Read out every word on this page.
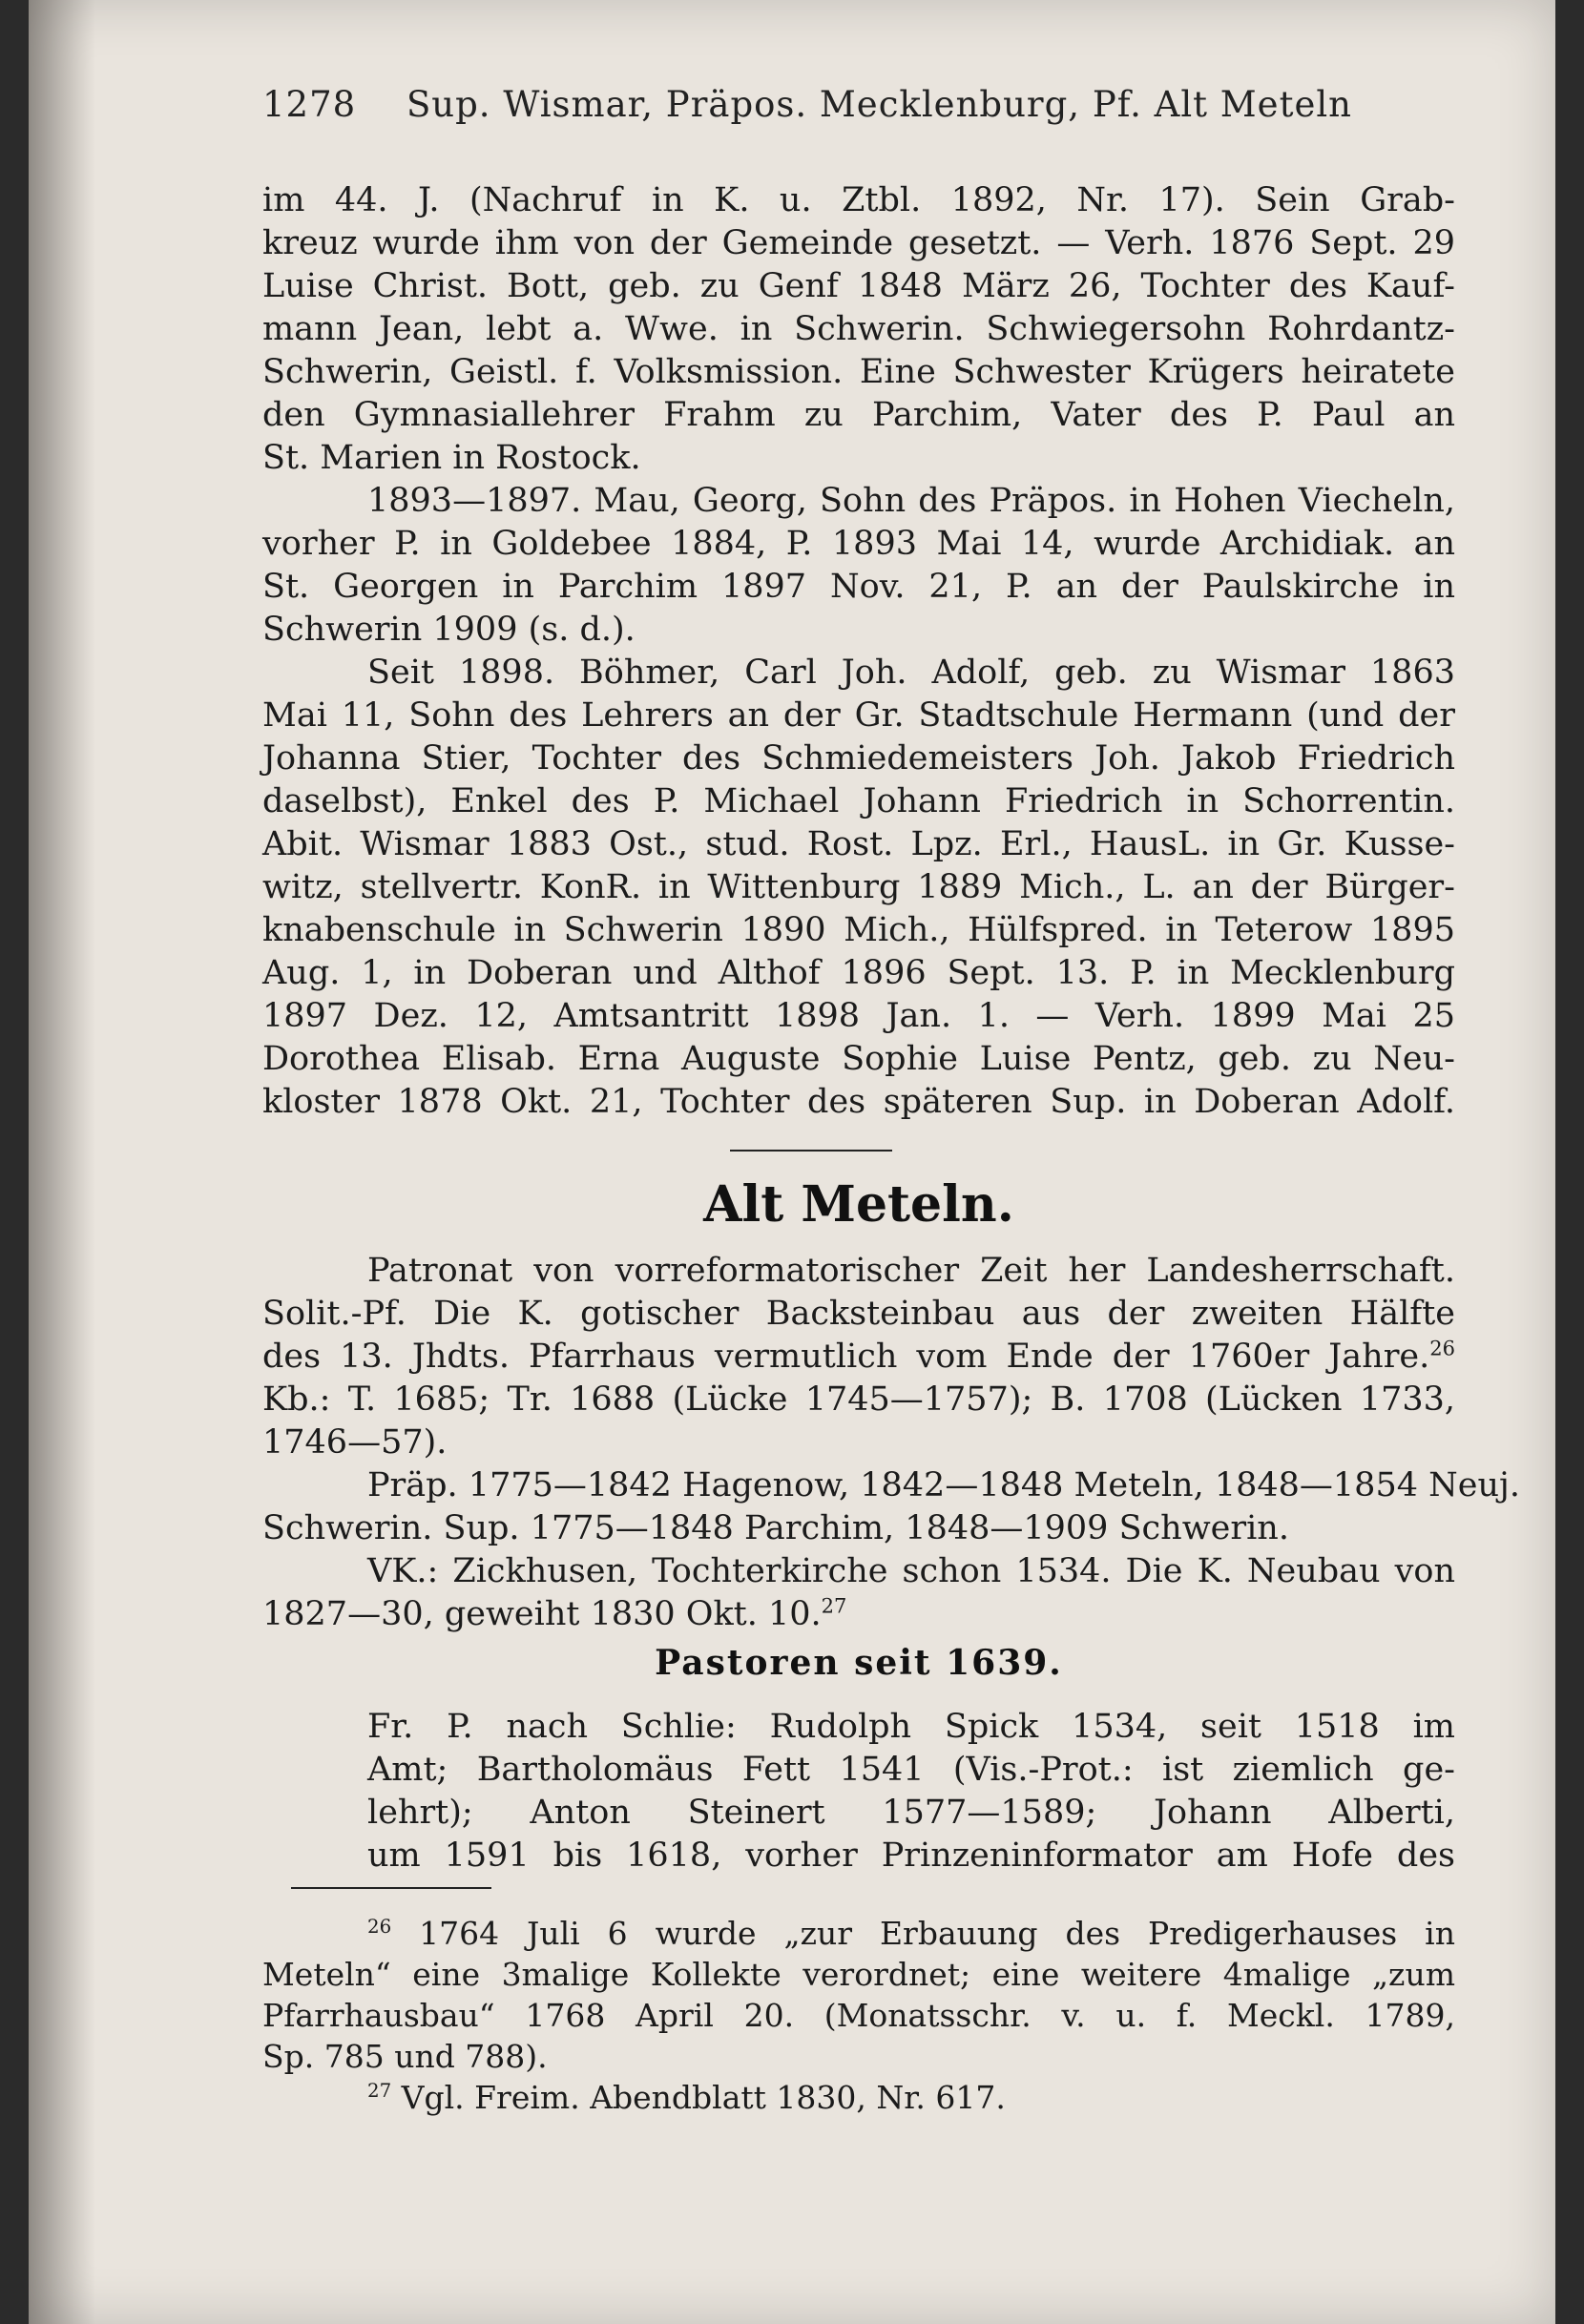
1278 Sup. Wismar, Präpos. Mecklenburg, Pf. Alt Meteln
im 44. J. (Nachruf in K. u. Ztbl. 1892, Nr. 17). Sein Grab-
kreuz wurde ihm von der Gemeinde gesetzt. — Verh. 1876 Sept. 29
Luise Christ. Bott, geb. zu Genf 1848 März 26, Tochter des Kauf-
mann Jean, lebt a. Wwe. in Schwerin. Schwiegersohn Rohrdantz-
Schwerin, Geistl. f. Volksmission. Eine Schwester Krügers heiratete
den Gymnasiallehrer Frahm zu Parchim, Vater des P. Paul an
St. Marien in Rostock.
1893—1897. Mau, Georg, Sohn des Präpos. in Hohen Viecheln,
vorher P. in Goldebee 1884, P. 1893 Mai 14, wurde Archidiak. an
St. Georgen in Parchim 1897 Nov. 21, P. an der Paulskirche in
Schwerin 1909 (s. d.).
Seit 1898. Böhmer, Carl Joh. Adolf, geb. zu Wismar 1863
Mai 11, Sohn des Lehrers an der Gr. Stadtschule Hermann (und der
Johanna Stier, Tochter des Schmiedemeisters Joh. Jakob Friedrich
daselbst), Enkel des P. Michael Johann Friedrich in Schorrentin.
Abit. Wismar 1883 Ost., stud. Rost. Lpz. Erl., HausL. in Gr. Kusse-
witz, stellvertr. KonR. in Wittenburg 1889 Mich., L. an der Bürger-
knabenschule in Schwerin 1890 Mich., Hülfspred. in Teterow 1895
Aug. 1, in Doberan und Althof 1896 Sept. 13. P. in Mecklenburg
1897 Dez. 12, Amtsantritt 1898 Jan. 1. — Verh. 1899 Mai 25
Dorothea Elisab. Erna Auguste Sophie Luise Pentz, geb. zu Neu-
kloster 1878 Okt. 21, Tochter des späteren Sup. in Doberan Adolf.
Alt Meteln.
Patronat von vorreformatorischer Zeit her Landesherrschaft.
Solit.-Pf. Die K. gotischer Backsteinbau aus der zweiten Hälfte
des 13. Jhdts. Pfarrhaus vermutlich vom Ende der 1760er Jahre.$^{26}$
Kb.: T. 1685; Tr. 1688 (Lücke 1745—1757); B. 1708 (Lücken 1733,
1746—57).
Präp. 1775—1842 Hagenow, 1842—1848 Meteln, 1848—1854 Neuj.
Schwerin. Sup. 1775—1848 Parchim, 1848—1909 Schwerin.
VK.: Zickhusen, Tochterkirche schon 1534. Die K. Neubau von
1827—30, geweiht 1830 Okt. 10.27
Pastoren seit 1639.
Fr. P. nach Schlie: Rudolph Spick 1534, seit 1518 im
Amt; Bartholomäus Fett 1541 (Vis.-Prot.: ist ziemlich ge-
lehrt); Anton Steinert 1577—1589; Johann Alberti,
um 1591 bis 1618, vorher Prinzeninformator am Hofe des
$^{26}$ 1764 Juli 6 wurde „zur Erbauung des Predigerhauses in
Meteln“ eine 3malige Kollekte verordnet; eine weitere 4malige „zum
Pfarrhausbau“ 1768 April 20. (Monatsschr. v. u. f. Meckl. 1789,
Sp. 785 und 788).
$^{27}$ Vgl. Freim. Abendblatt 1830, Nr. 617.
